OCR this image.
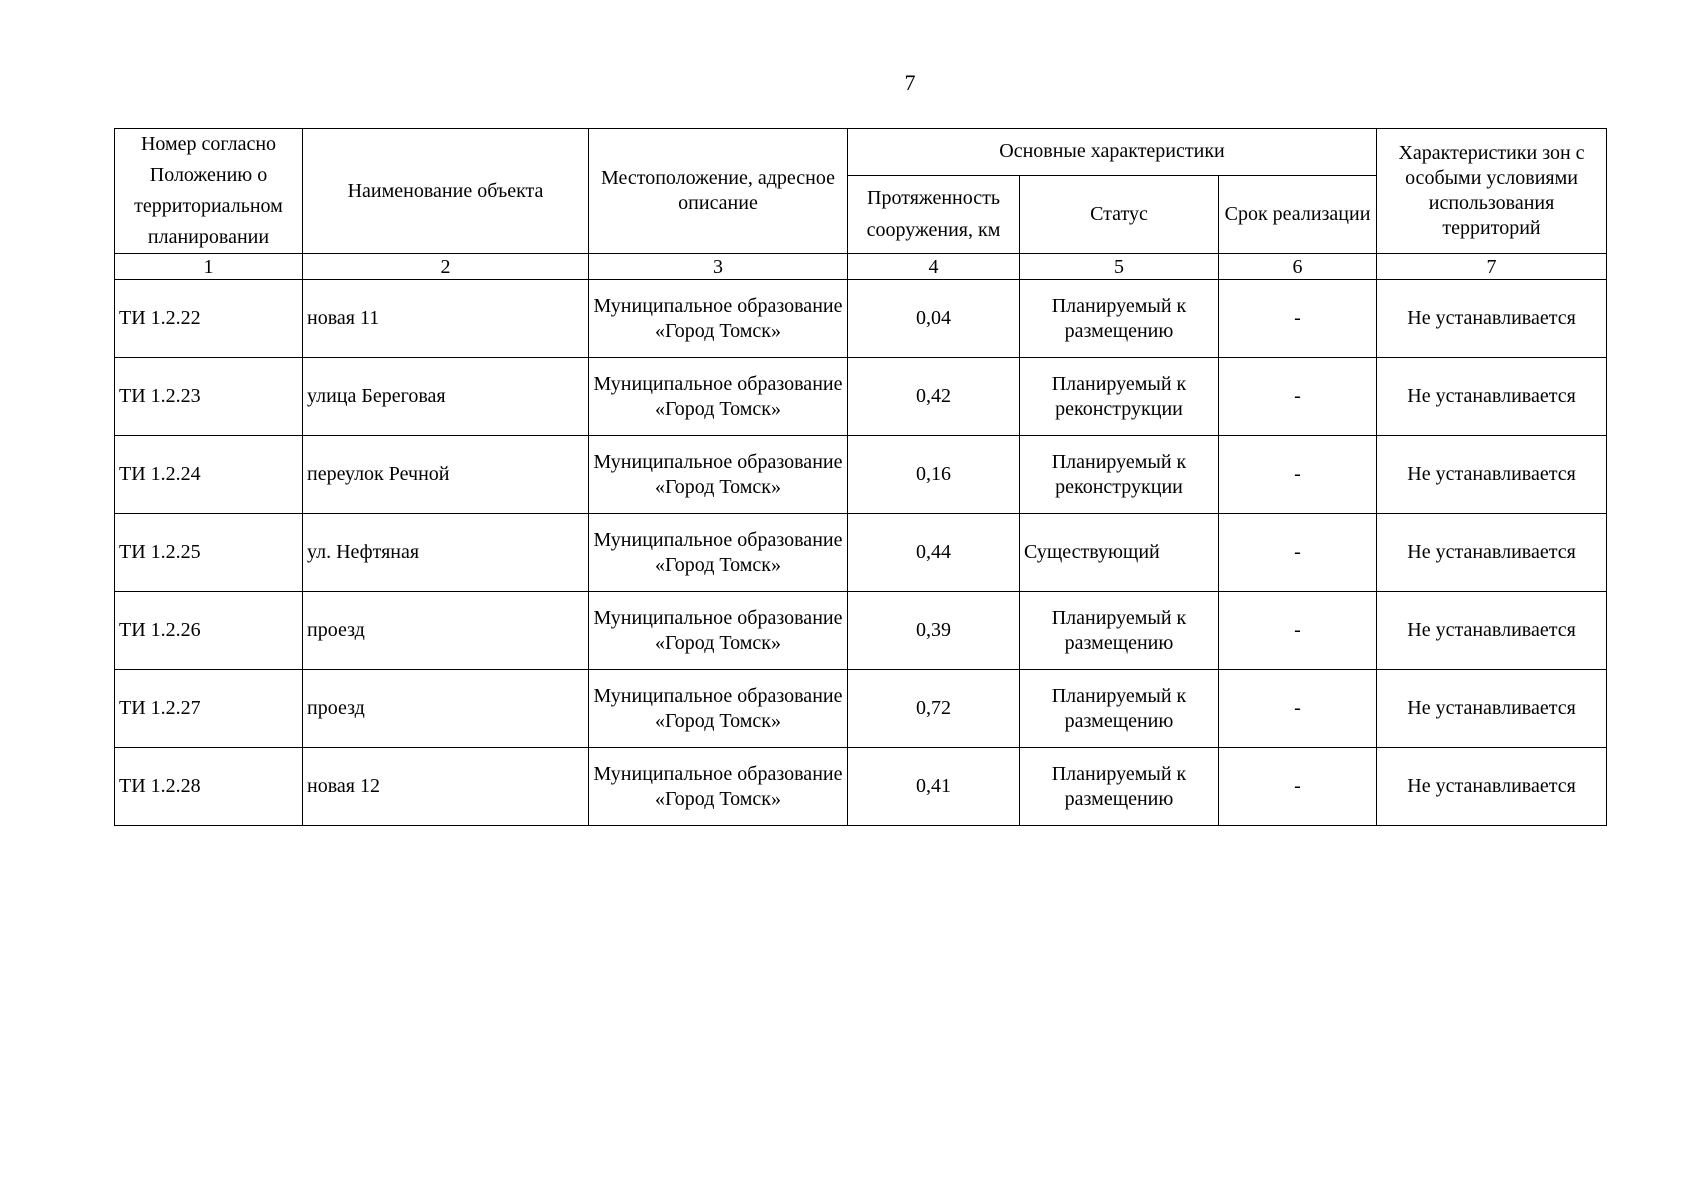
7
Номер согласно Положению о территориальном планировании	Наименование объекта	Местоположение, адресное описание	Основные характеристики			Характеристики зон с особыми условиями использования территорий
			Протяженность сооружения, км	Статус	Срок реализации	
1	2	3	4	5	6	7
ТИ 1.2.22	новая 11	Муниципальное образование «Город Томск»	0,04	Планируемый к размещению	-	Не устанавливается
ТИ 1.2.23	улица Береговая	Муниципальное образование «Город Томск»	0,42	Планируемый к реконструкции	-	Не устанавливается
ТИ 1.2.24	переулок Речной	Муниципальное образование «Город Томск»	0,16	Планируемый к реконструкции	-	Не устанавливается
ТИ 1.2.25	ул. Нефтяная	Муниципальное образование «Город Томск»	0,44	Существующий	-	Не устанавливается
ТИ 1.2.26	проезд	Муниципальное образование «Город Томск»	0,39	Планируемый к размещению	-	Не устанавливается
ТИ 1.2.27	проезд	Муниципальное образование «Город Томск»	0,72	Планируемый к размещению	-	Не устанавливается
ТИ 1.2.28	новая 12	Муниципальное образование «Город Томск»	0,41	Планируемый к размещению	-	Не устанавливается
